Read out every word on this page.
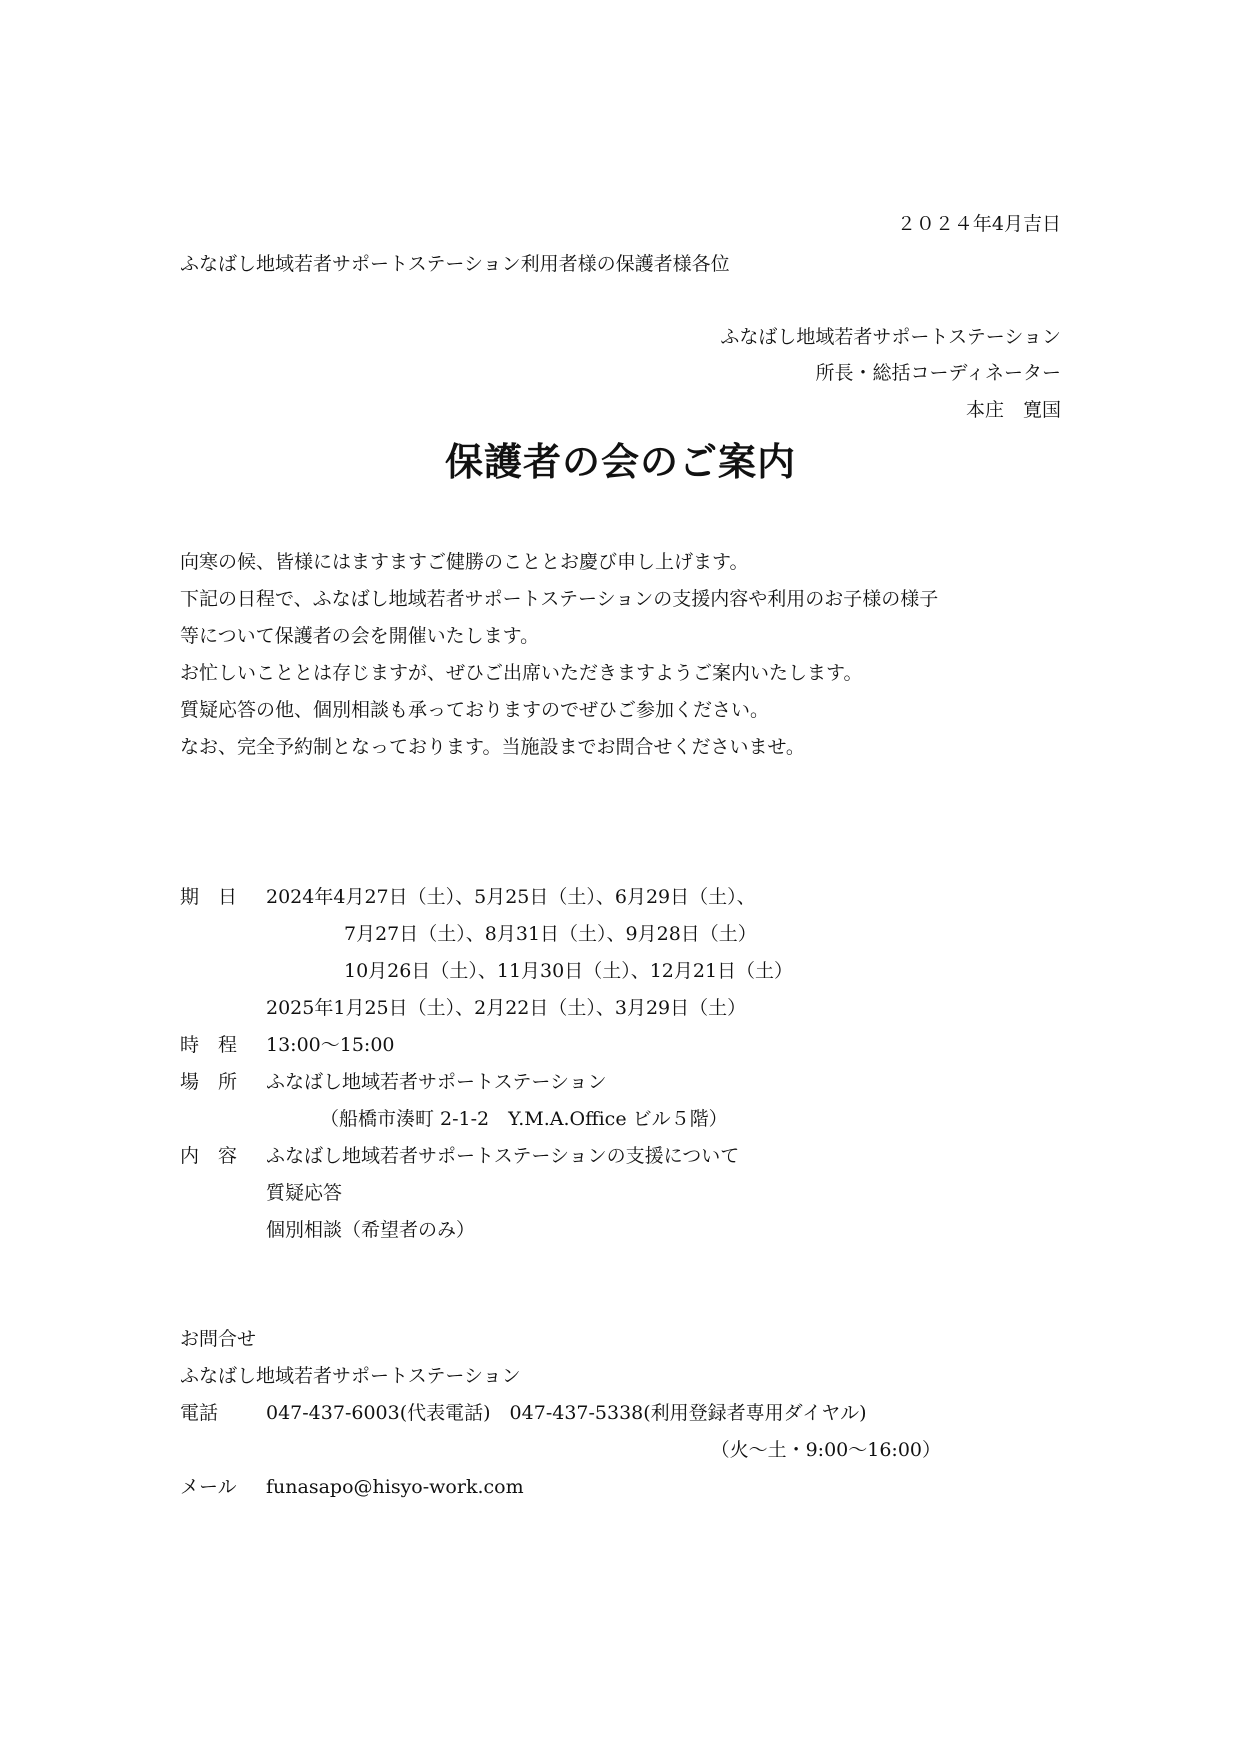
２０２４年4月吉日
ふなばし地域若者サポートステーション利用者様の保護者様各位
ふなばし地域若者サポートステーション
所長・総括コーディネーター
本庄　寛国
保護者の会のご案内
向寒の候、皆様にはますますご健勝のこととお慶び申し上げます。
下記の日程で、ふなばし地域若者サポートステーションの支援内容や利用のお子様の様子
等について保護者の会を開催いたします。
お忙しいこととは存じますが、ぜひご出席いただきますようご案内いたします。
質疑応答の他、個別相談も承っておりますのでぜひご参加ください。
なお、完全予約制となっております。当施設までお問合せくださいませ。
期　日 2024年4月27日（土）、5月25日（土）、6月29日（土）、
7月27日（土）、8月31日（土）、9月28日（土）
10月26日（土）、11月30日（土）、12月21日（土）
2025年1月25日（土）、2月22日（土）、3月29日（土）
時　程 13:00～15:00
場　所 ふなばし地域若者サポートステーション
（船橋市湊町 2-1-2　Y.M.A.Office ビル５階）
内　容 ふなばし地域若者サポートステーションの支援について
質疑応答
個別相談（希望者のみ）
お問合せ
ふなばし地域若者サポートステーション
電話	047-437-6003(代表電話)　047-437-5338(利用登録者専用ダイヤル)
（火～土・9:00～16:00）
メール funasapo@hisyo-work.com
